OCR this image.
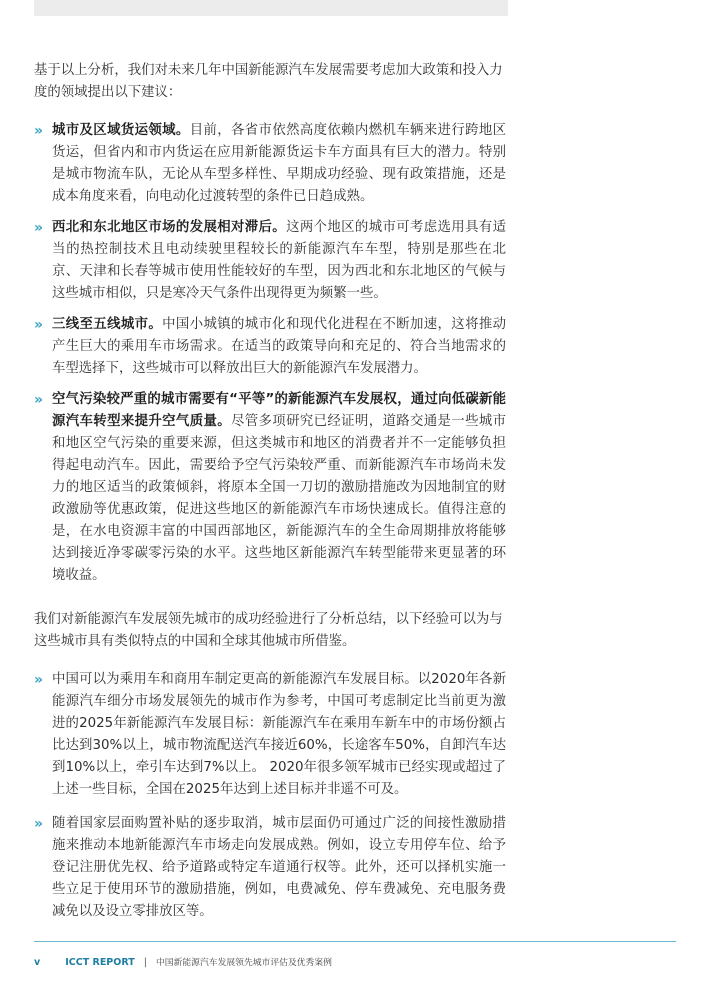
基于以上分析，我们对未来几年中国新能源汽车发展需要考虑加大政策和投入力度的领域提出以下建议：

» 城市及区域货运领域。目前，各省市依然高度依赖内燃机车辆来进行跨地区货运，但省内和市内货运在应用新能源货运卡车方面具有巨大的潜力。特别是城市物流车队，无论从车型多样性、早期成功经验、现有政策措施，还是成本角度来看，向电动化过渡转型的条件已日趋成熟。
» 西北和东北地区市场的发展相对滞后。这两个地区的城市可考虑选用具有适当的热控制技术且电动续驶里程较长的新能源汽车车型，特别是那些在北京、天津和长春等城市使用性能较好的车型，因为西北和东北地区的气候与这些城市相似，只是寒冷天气条件出现得更为频繁一些。
» 三线至五线城市。中国小城镇的城市化和现代化进程在不断加速，这将推动产生巨大的乘用车市场需求。在适当的政策导向和充足的、符合当地需求的车型选择下，这些城市可以释放出巨大的新能源汽车发展潜力。
» 空气污染较严重的城市需要有“平等”的新能源汽车发展权，通过向低碳新能源汽车转型来提升空气质量。尽管多项研究已经证明，道路交通是一些城市和地区空气污染的重要来源，但这类城市和地区的消费者并不一定能够负担得起电动汽车。因此，需要给予空气污染较严重、而新能源汽车市场尚未发力的地区适当的政策倾斜，将原本全国一刀切的激励措施改为因地制宜的财政激励等优惠政策，促进这些地区的新能源汽车市场快速成长。值得注意的是，在水电资源丰富的中国西部地区，新能源汽车的全生命周期排放将能够达到接近净零碳零污染的水平。这些地区新能源汽车转型能带来更显著的环境收益。

我们对新能源汽车发展领先城市的成功经验进行了分析总结，以下经验可以为与这些城市具有类似特点的中国和全球其他城市所借鉴。

» 中国可以为乘用车和商用车制定更高的新能源汽车发展目标。以2020年各新能源汽车细分市场发展领先的城市作为参考，中国可考虑制定比当前更为激进的2025年新能源汽车发展目标：新能源汽车在乘用车新车中的市场份额占比达到30%以上，城市物流配送汽车接近60%，长途客车50%，自卸汽车达到10%以上，牵引车达到7%以上。 2020年很多领军城市已经实现或超过了上述一些目标，全国在2025年达到上述目标并非遥不可及。
» 随着国家层面购置补贴的逐步取消，城市层面仍可通过广泛的间接性激励措施来推动本地新能源汽车市场走向发展成熟。例如，设立专用停车位、给予登记注册优先权、给予道路或特定车道通行权等。此外，还可以择机实施一些立足于使用环节的激励措施，例如，电费减免、停车费减免、充电服务费减免以及设立零排放区等。
v	ICCT REPORT | 中国新能源汽车发展领先城市评估及优秀案例
